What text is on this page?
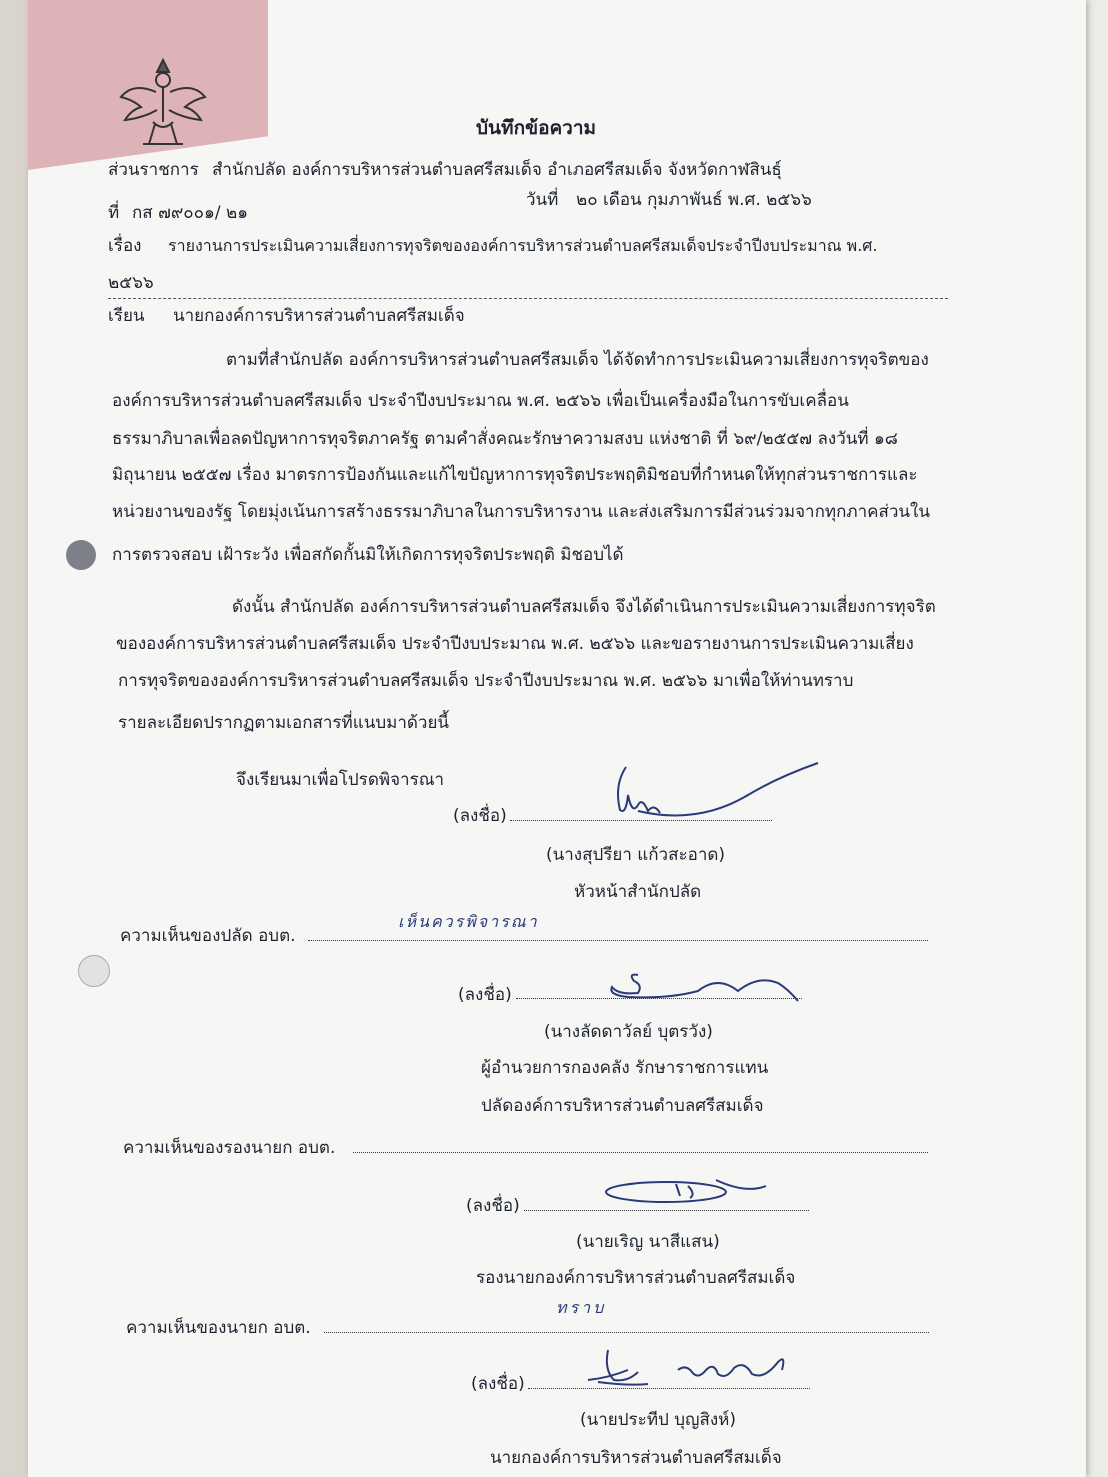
บันทึกข้อความ
ส่วนราชการ สำนักปลัด องค์การบริหารส่วนตำบลศรีสมเด็จ อำเภอศรีสมเด็จ จังหวัดกาฬสินธุ์
ที่ กส ๗๙๐๐๑/ ๒๑
วันที่ ๒๐ เดือน กุมภาพันธ์ พ.ศ. ๒๕๖๖
เรื่อง รายงานการประเมินความเสี่ยงการทุจริตขององค์การบริหารส่วนตำบลศรีสมเด็จประจำปีงบประมาณ พ.ศ.
๒๕๖๖
เรียน นายกองค์การบริหารส่วนตำบลศรีสมเด็จ
ตามที่สำนักปลัด องค์การบริหารส่วนตำบลศรีสมเด็จ ได้จัดทำการประเมินความเสี่ยงการทุจริตของ
องค์การบริหารส่วนตำบลศรีสมเด็จ ประจำปีงบประมาณ พ.ศ. ๒๕๖๖ เพื่อเป็นเครื่องมือในการขับเคลื่อน
ธรรมาภิบาลเพื่อลดปัญหาการทุจริตภาครัฐ ตามคำสั่งคณะรักษาความสงบ แห่งชาติ ที่ ๖๙/๒๕๕๗ ลงวันที่ ๑๘
มิถุนายน ๒๕๕๗ เรื่อง มาตรการป้องกันและแก้ไขปัญหาการทุจริตประพฤติมิชอบที่กำหนดให้ทุกส่วนราชการและ
หน่วยงานของรัฐ โดยมุ่งเน้นการสร้างธรรมาภิบาลในการบริหารงาน และส่งเสริมการมีส่วนร่วมจากทุกภาคส่วนใน
การตรวจสอบ เฝ้าระวัง เพื่อสกัดกั้นมิให้เกิดการทุจริตประพฤติ มิชอบได้
ดังนั้น สำนักปลัด องค์การบริหารส่วนตำบลศรีสมเด็จ จึงได้ดำเนินการประเมินความเสี่ยงการทุจริต
ขององค์การบริหารส่วนตำบลศรีสมเด็จ ประจำปีงบประมาณ พ.ศ. ๒๕๖๖ และขอรายงานการประเมินความเสี่ยง
การทุจริตขององค์การบริหารส่วนตำบลศรีสมเด็จ ประจำปีงบประมาณ พ.ศ. ๒๕๖๖ มาเพื่อให้ท่านทราบ
รายละเอียดปรากฏตามเอกสารที่แนบมาด้วยนี้
จึงเรียนมาเพื่อโปรดพิจารณา
(ลงชื่อ)
(นางสุปรียา แก้วสะอาด)
หัวหน้าสำนักปลัด
ความเห็นของปลัด อบต.
เห็นควรพิจารณา
(ลงชื่อ)
(นางลัดดาวัลย์ บุตรวัง)
ผู้อำนวยการกองคลัง รักษาราชการแทน
ปลัดองค์การบริหารส่วนตำบลศรีสมเด็จ
ความเห็นของรองนายก อบต.
(ลงชื่อ)
(นายเริญ นาสีแสน)
รองนายกองค์การบริหารส่วนตำบลศรีสมเด็จ
ความเห็นของนายก อบต.
ทราบ
(ลงชื่อ)
(นายประทีป บุญสิงห์)
นายกองค์การบริหารส่วนตำบลศรีสมเด็จ
